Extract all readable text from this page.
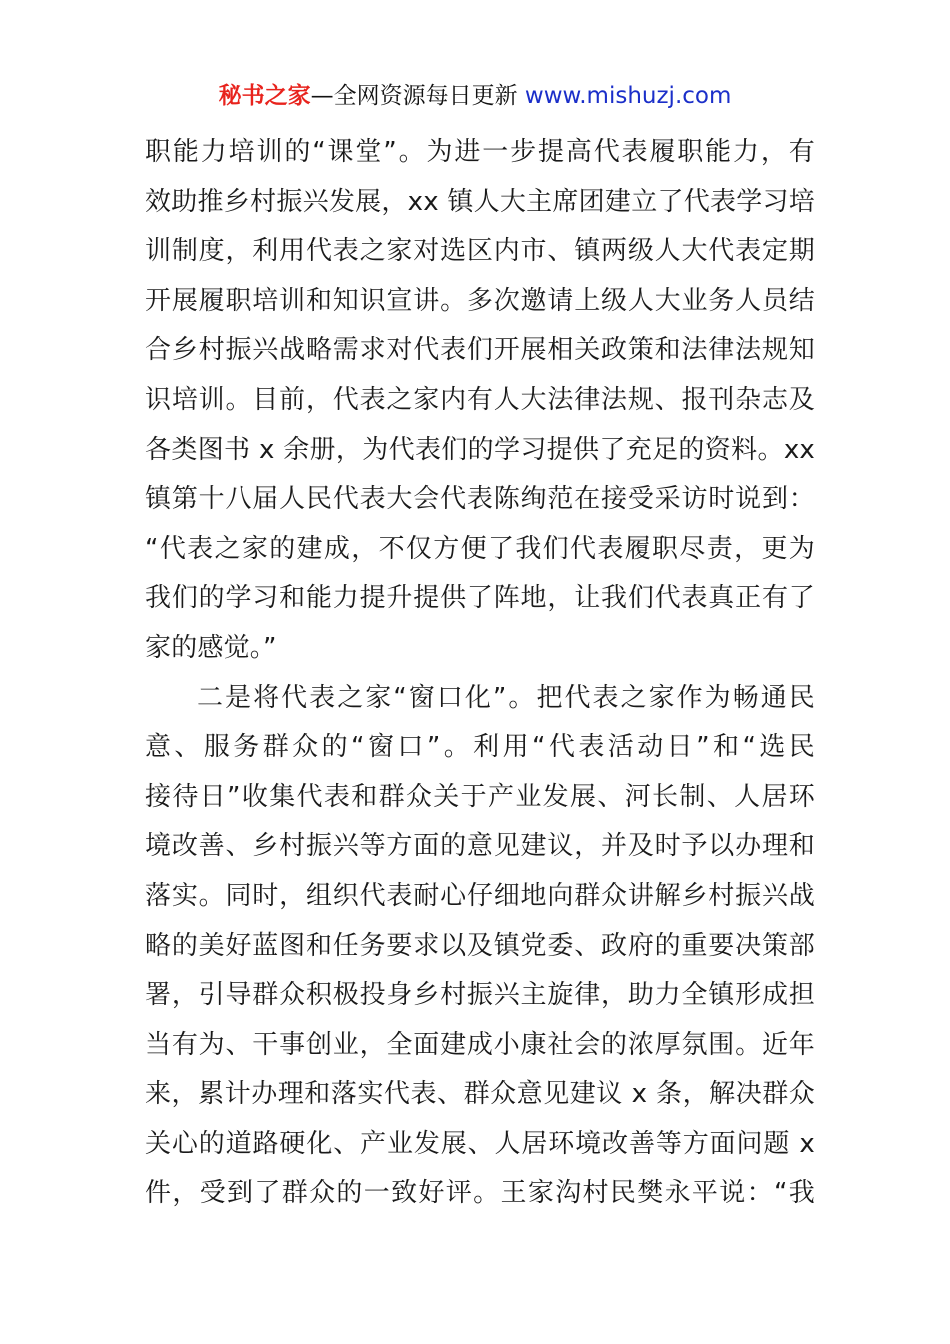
秘书之家—全网资源每日更新 www.mishuzj.com
职能力培训的“课堂”。为进一步提高代表履职能力，有
效助推乡村振兴发展，xx 镇人大主席团建立了代表学习培
训制度，利用代表之家对选区内市、镇两级人大代表定期
开展履职培训和知识宣讲。多次邀请上级人大业务人员结
合乡村振兴战略需求对代表们开展相关政策和法律法规知
识培训。目前，代表之家内有人大法律法规、报刊杂志及
各类图书 x 余册，为代表们的学习提供了充足的资料。xx
镇第十八届人民代表大会代表陈绚范在接受采访时说到：
“代表之家的建成，不仅方便了我们代表履职尽责，更为
我们的学习和能力提升提供了阵地，让我们代表真正有了
家的感觉。”
二是将代表之家“窗口化”。把代表之家作为畅通民
意、服务群众的“窗口”。利用“代表活动日”和“选民
接待日”收集代表和群众关于产业发展、河长制、人居环
境改善、乡村振兴等方面的意见建议，并及时予以办理和
落实。同时，组织代表耐心仔细地向群众讲解乡村振兴战
略的美好蓝图和任务要求以及镇党委、政府的重要决策部
署，引导群众积极投身乡村振兴主旋律，助力全镇形成担
当有为、干事创业，全面建成小康社会的浓厚氛围。近年
来，累计办理和落实代表、群众意见建议 x 条，解决群众
关心的道路硬化、产业发展、人居环境改善等方面问题 x
件，受到了群众的一致好评。王家沟村民樊永平说：“我
